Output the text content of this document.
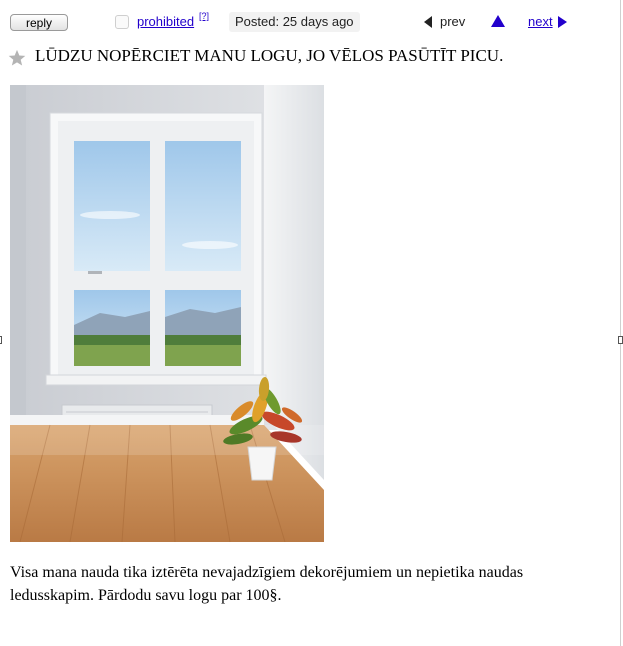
reply	prohibited [?]	Posted: 25 days ago	prev	next
LŪDZU NOPĒRCIET MANU LOGU, JO VĒLOS PASŪTĪT PICU.
Visa mana nauda tika iztērēta nevajadzīgiem dekorējumiem un nepietika naudas ledusskapim. Pārdodu savu logu par 100§.
